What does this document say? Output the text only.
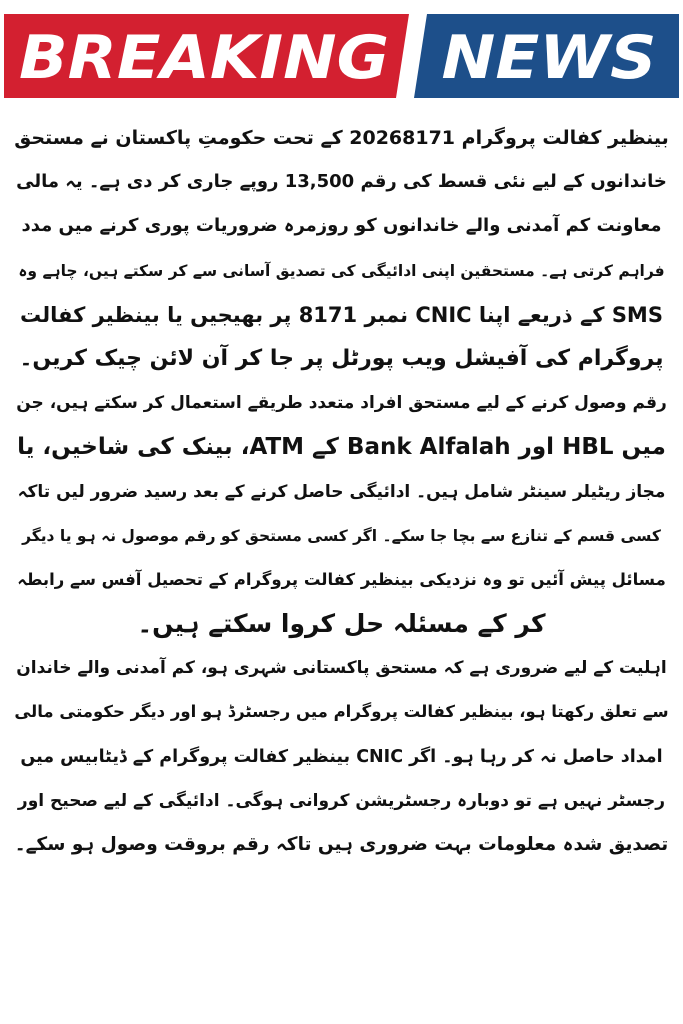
BREAKING NEWS
بینظیر کفالت پروگرام 20268171 کے تحت حکومتِ پاکستان نے مستحق
خاندانوں کے لیے نئی قسط کی رقم 13,500 روپے جاری کر دی ہے۔ یہ مالی
معاونت کم آمدنی والے خاندانوں کو روزمرہ ضروریات پوری کرنے میں مدد
فراہم کرتی ہے۔ مستحقین اپنی ادائیگی کی تصدیق آسانی سے کر سکتے ہیں، چاہے وہ
SMS کے ذریعے اپنا CNIC نمبر 8171 پر بھیجیں یا بینظیر کفالت
پروگرام کی آفیشل ویب پورٹل پر جا کر آن لائن چیک کریں۔
رقم وصول کرنے کے لیے مستحق افراد متعدد طریقے استعمال کر سکتے ہیں، جن
میں HBL اور Bank Alfalah کے ATM، بینک کی شاخیں، یا
مجاز ریٹیلر سینٹر شامل ہیں۔ ادائیگی حاصل کرنے کے بعد رسید ضرور لیں تاکہ
کسی قسم کے تنازع سے بچا جا سکے۔ اگر کسی مستحق کو رقم موصول نہ ہو یا دیگر
مسائل پیش آئیں تو وہ نزدیکی بینظیر کفالت پروگرام کے تحصیل آفس سے رابطہ
کر کے مسئلہ حل کروا سکتے ہیں۔
اہلیت کے لیے ضروری ہے کہ مستحق پاکستانی شہری ہو، کم آمدنی والے خاندان
سے تعلق رکھتا ہو، بینظیر کفالت پروگرام میں رجسٹرڈ ہو اور دیگر حکومتی مالی
امداد حاصل نہ کر رہا ہو۔ اگر CNIC بینظیر کفالت پروگرام کے ڈیٹابیس میں
رجسٹر نہیں ہے تو دوبارہ رجسٹریشن کروانی ہوگی۔ ادائیگی کے لیے صحیح اور
تصدیق شدہ معلومات بہت ضروری ہیں تاکہ رقم بروقت وصول ہو سکے۔
